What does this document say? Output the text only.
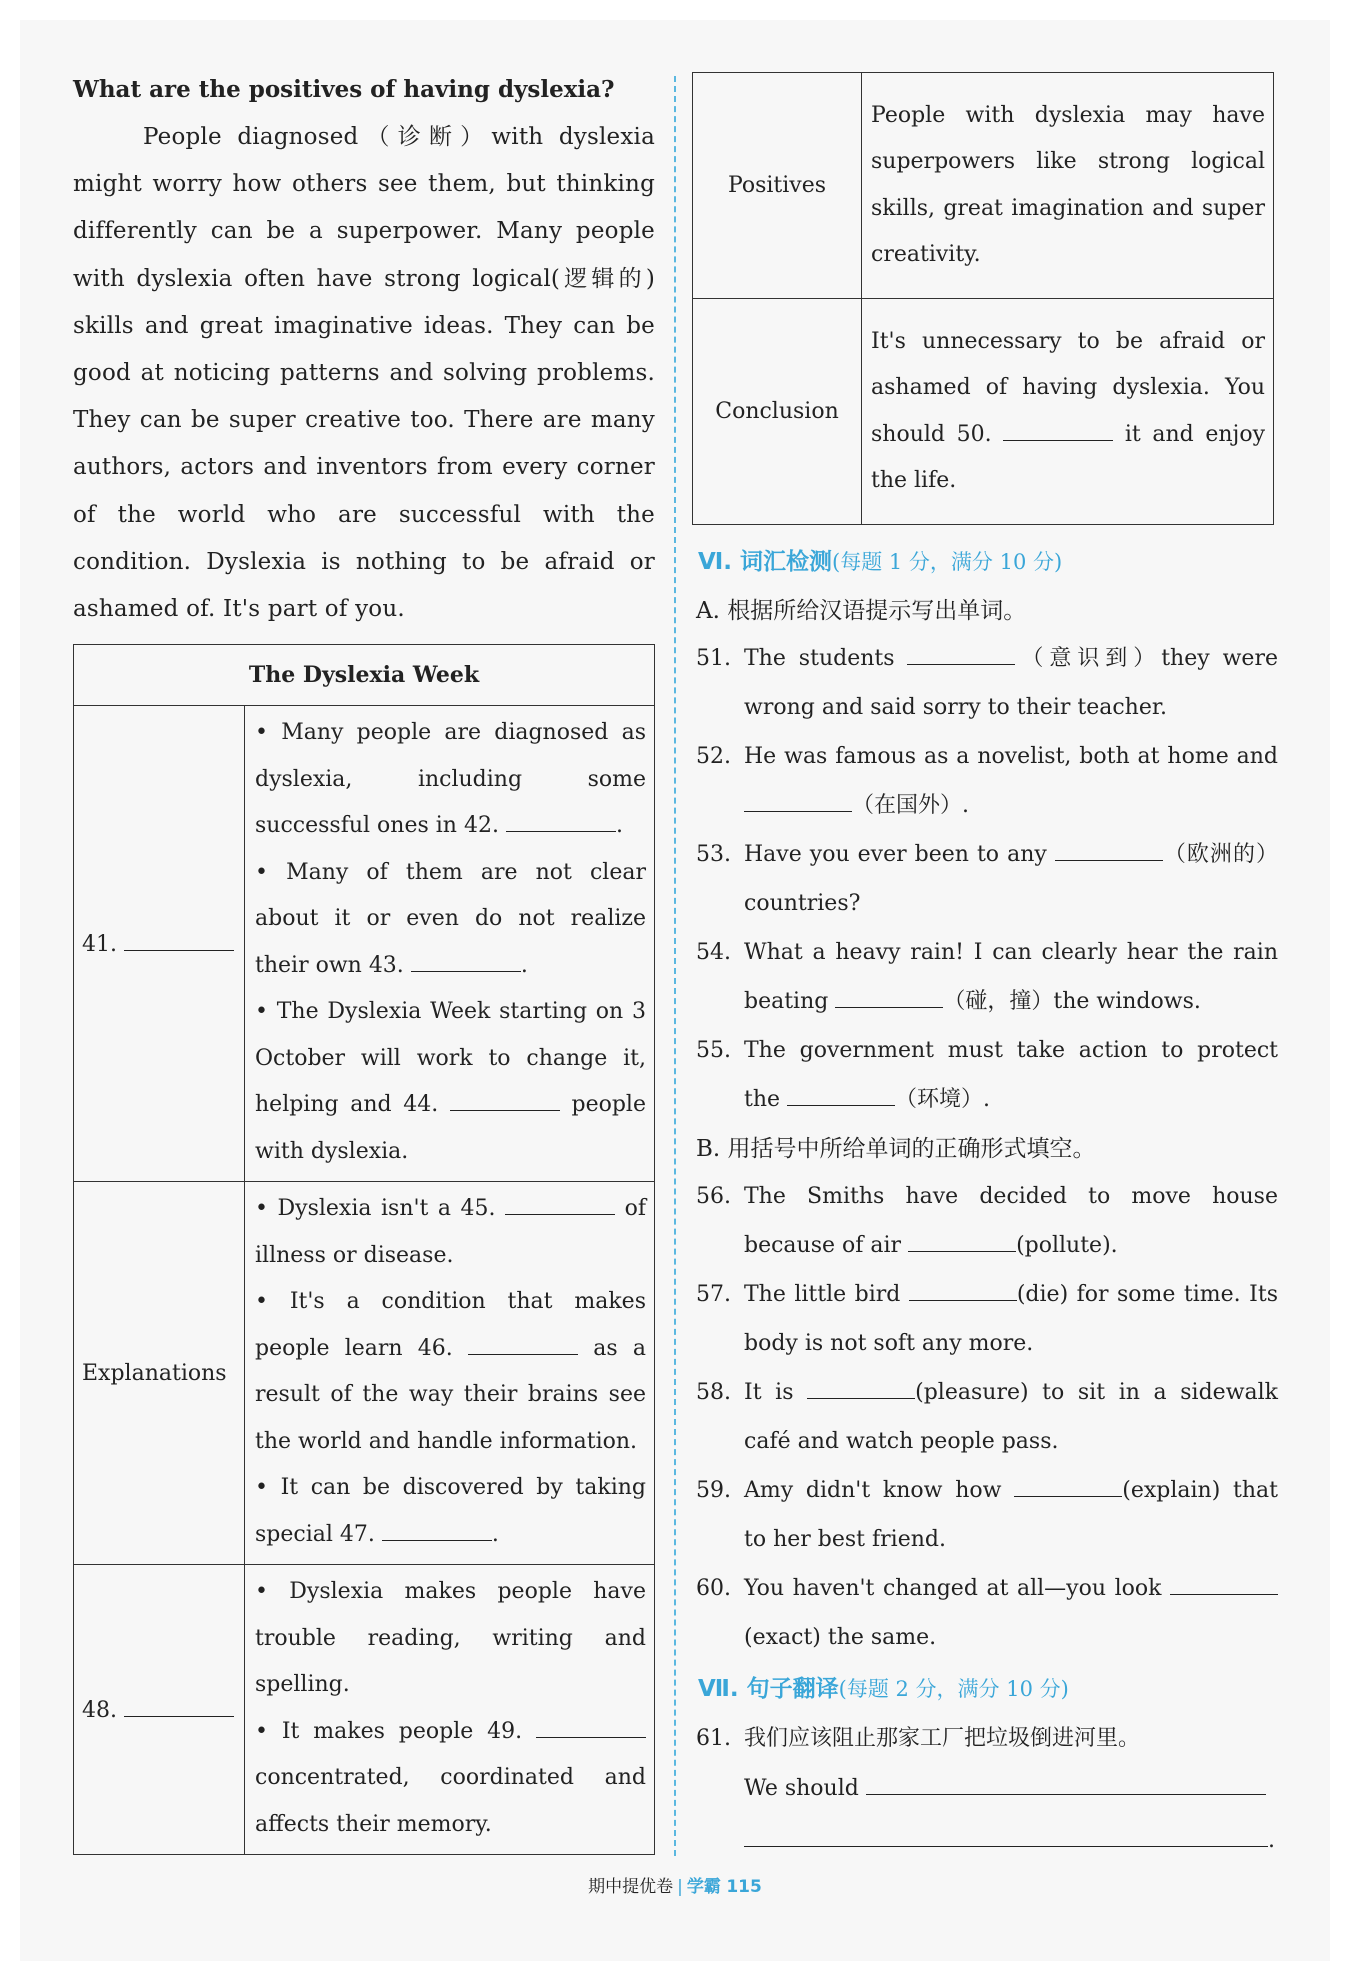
What are the positives of having dyslexia?

People diagnosed（诊断）with dyslexia might worry how others see them, but thinking differently can be a superpower. Many people with dyslexia often have strong logical(逻辑的) skills and great imaginative ideas. They can be good at noticing patterns and solving problems. They can be super creative too. There are many authors, actors and inventors from every corner of the world who are successful with the condition. Dyslexia is nothing to be afraid or ashamed of. It's part of you.

The Dyslexia Week	
41.	• Many people are diagnosed as dyslexia, including some successful ones in 42. .
• Many of them are not clear about it or even do not realize their own 43. .
• The Dyslexia Week starting on 3 October will work to change it, helping and 44. people with dyslexia.

Explanations	• Dyslexia isn't a 45. of illness or disease.
• It's a condition that makes people learn 46. as a result of the way their brains see the world and handle information.
• It can be discovered by taking special 47. .

48.	• Dyslexia makes people have trouble reading, writing and spelling.
• It makes people 49.  concentrated, coordinated and affects their memory.
Positives	People with dyslexia may have superpowers like strong logical skills, great imagination and super creativity.
Conclusion	It's unnecessary to be afraid or ashamed of having dyslexia. You should 50. it and enjoy the life.
Ⅵ. 词汇检测(每题 1 分，满分 10 分)
A. 根据所给汉语提示写出单词。
51. The students	（意识到）they were wrong and said sorry to their teacher.
52. He was famous as a novelist, both at home and （在国外）.
53. Have you ever been to any	（欧洲的）countries?
54. What a heavy rain! I can clearly hear the rain beating	（碰，撞）the windows.
55. The government must take action to protect the	（环境）.
B. 用括号中所给单词的正确形式填空。
56. The Smiths have decided to move house because of air	(pollute).
57. The little bird	(die) for some time. Its body is not soft any more.
58. It is	(pleasure) to sit in a sidewalk café and watch people pass.
59. Amy didn't know how	(explain) that to her best friend.
60. You haven't changed at all—you look (exact) the same.
Ⅶ. 句子翻译(每题 2 分，满分 10 分)
61. 我们应该阻止那家工厂把垃圾倒进河里。
We should
.
期中提优卷 | 学霸 115
